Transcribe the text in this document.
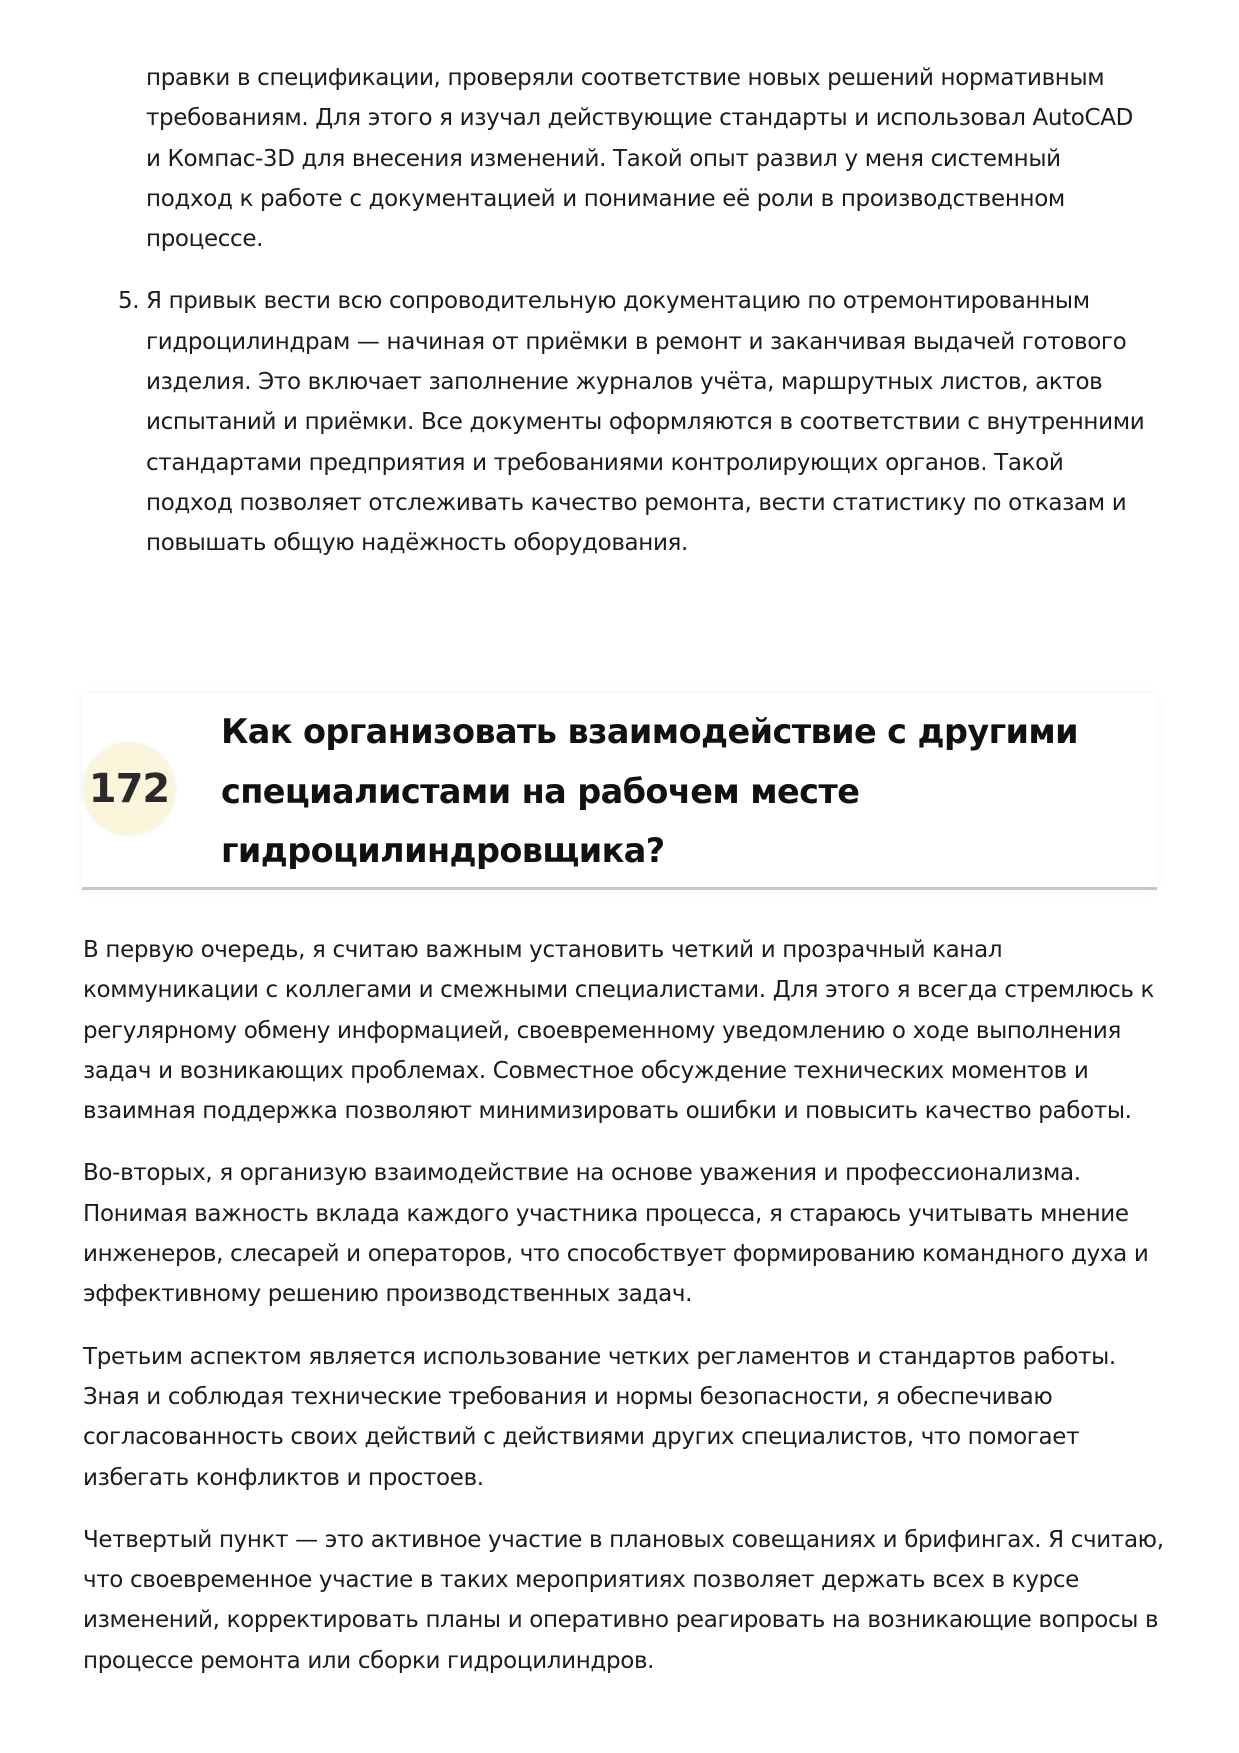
правки в спецификации, проверяли соответствие новых решений нормативным требованиям. Для этого я изучал действующие стандарты и использовал AutoCAD и Компас-3D для внесения изменений. Такой опыт развил у меня системный подход к работе с документацией и понимание её роли в производственном процессе.

5. Я привык вести всю сопроводительную документацию по отремонтированным гидроцилиндрам — начиная от приёмки в ремонт и заканчивая выдачей готового изделия. Это включает заполнение журналов учёта, маршрутных листов, актов испытаний и приёмки. Все документы оформляются в соответствии с внутренними стандартами предприятия и требованиями контролирующих органов. Такой подход позволяет отслеживать качество ремонта, вести статистику по отказам и повышать общую надёжность оборудования.
172
Как организовать взаимодействие с другими специалистами на рабочем месте гидроцилиндровщика?

В первую очередь, я считаю важным установить четкий и прозрачный канал коммуникации с коллегами и смежными специалистами. Для этого я всегда стремлюсь к регулярному обмену информацией, своевременному уведомлению о ходе выполнения задач и возникающих проблемах. Совместное обсуждение технических моментов и взаимная поддержка позволяют минимизировать ошибки и повысить качество работы.

Во-вторых, я организую взаимодействие на основе уважения и профессионализма. Понимая важность вклада каждого участника процесса, я стараюсь учитывать мнение инженеров, слесарей и операторов, что способствует формированию командного духа и эффективному решению производственных задач.

Третьим аспектом является использование четких регламентов и стандартов работы. Зная и соблюдая технические требования и нормы безопасности, я обеспечиваю согласованность своих действий с действиями других специалистов, что помогает избегать конфликтов и простоев.

Четвертый пункт — это активное участие в плановых совещаниях и брифингах. Я считаю, что своевременное участие в таких мероприятиях позволяет держать всех в курсе изменений, корректировать планы и оперативно реагировать на возникающие вопросы в процессе ремонта или сборки гидроцилиндров.
